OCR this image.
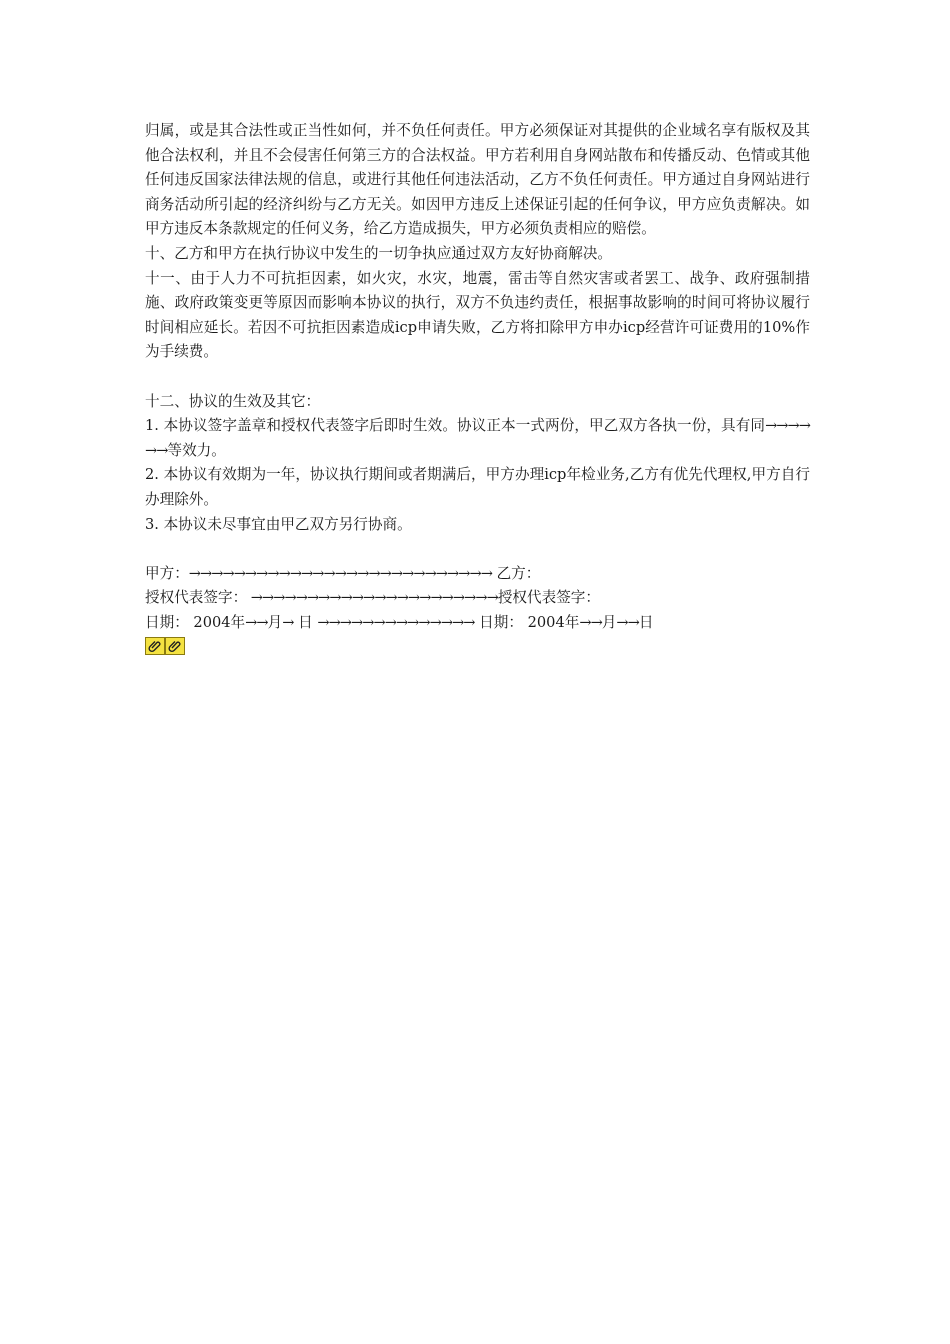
归属，或是其合法性或正当性如何，并不负任何责任。甲方必须保证对其提供的企业域名享有版权及其他合法权利，并且不会侵害任何第三方的合法权益。甲方若利用自身网站散布和传播反动、色情或其他任何违反国家法律法规的信息，或进行其他任何违法活动，乙方不负任何责任。甲方通过自身网站进行商务活动所引起的经济纠纷与乙方无关。如因甲方违反上述保证引起的任何争议，甲方应负责解决。如甲方违反本条款规定的任何义务，给乙方造成损失，甲方必须负责相应的赔偿。

十、乙方和甲方在执行协议中发生的一切争执应通过双方友好协商解决。

十一、由于人力不可抗拒因素，如火灾，水灾，地震，雷击等自然灾害或者罢工、战争、政府强制措施、政府政策变更等原因而影响本协议的执行，双方不负违约责任，根据事故影响的时间可将协议履行时间相应延长。若因不可抗拒因素造成icp申请失败，乙方将扣除甲方申办icp经营许可证费用的10%作为手续费。

十二、协议的生效及其它：

1. 本协议签字盖章和授权代表签字后即时生效。协议正本一式两份，甲乙双方各执一份，具有同→→→→→→等效力。

2. 本协议有效期为一年，协议执行期间或者期满后，甲方办理icp年检业务,乙方有优先代理权,甲方自行办理除外。

3. 本协议未尽事宜由甲乙双方另行协商。

甲方：→→→→→→→→→→→→→→→→→→→→→→→→→→→ 乙方：

授权代表签字： →→→→→→→→→→→→→→→→→→→→→→授权代表签字：

日期： 2004年→→月→ 日 →→→→→→→→→→→→→→ 日期： 2004年→→月→→日
